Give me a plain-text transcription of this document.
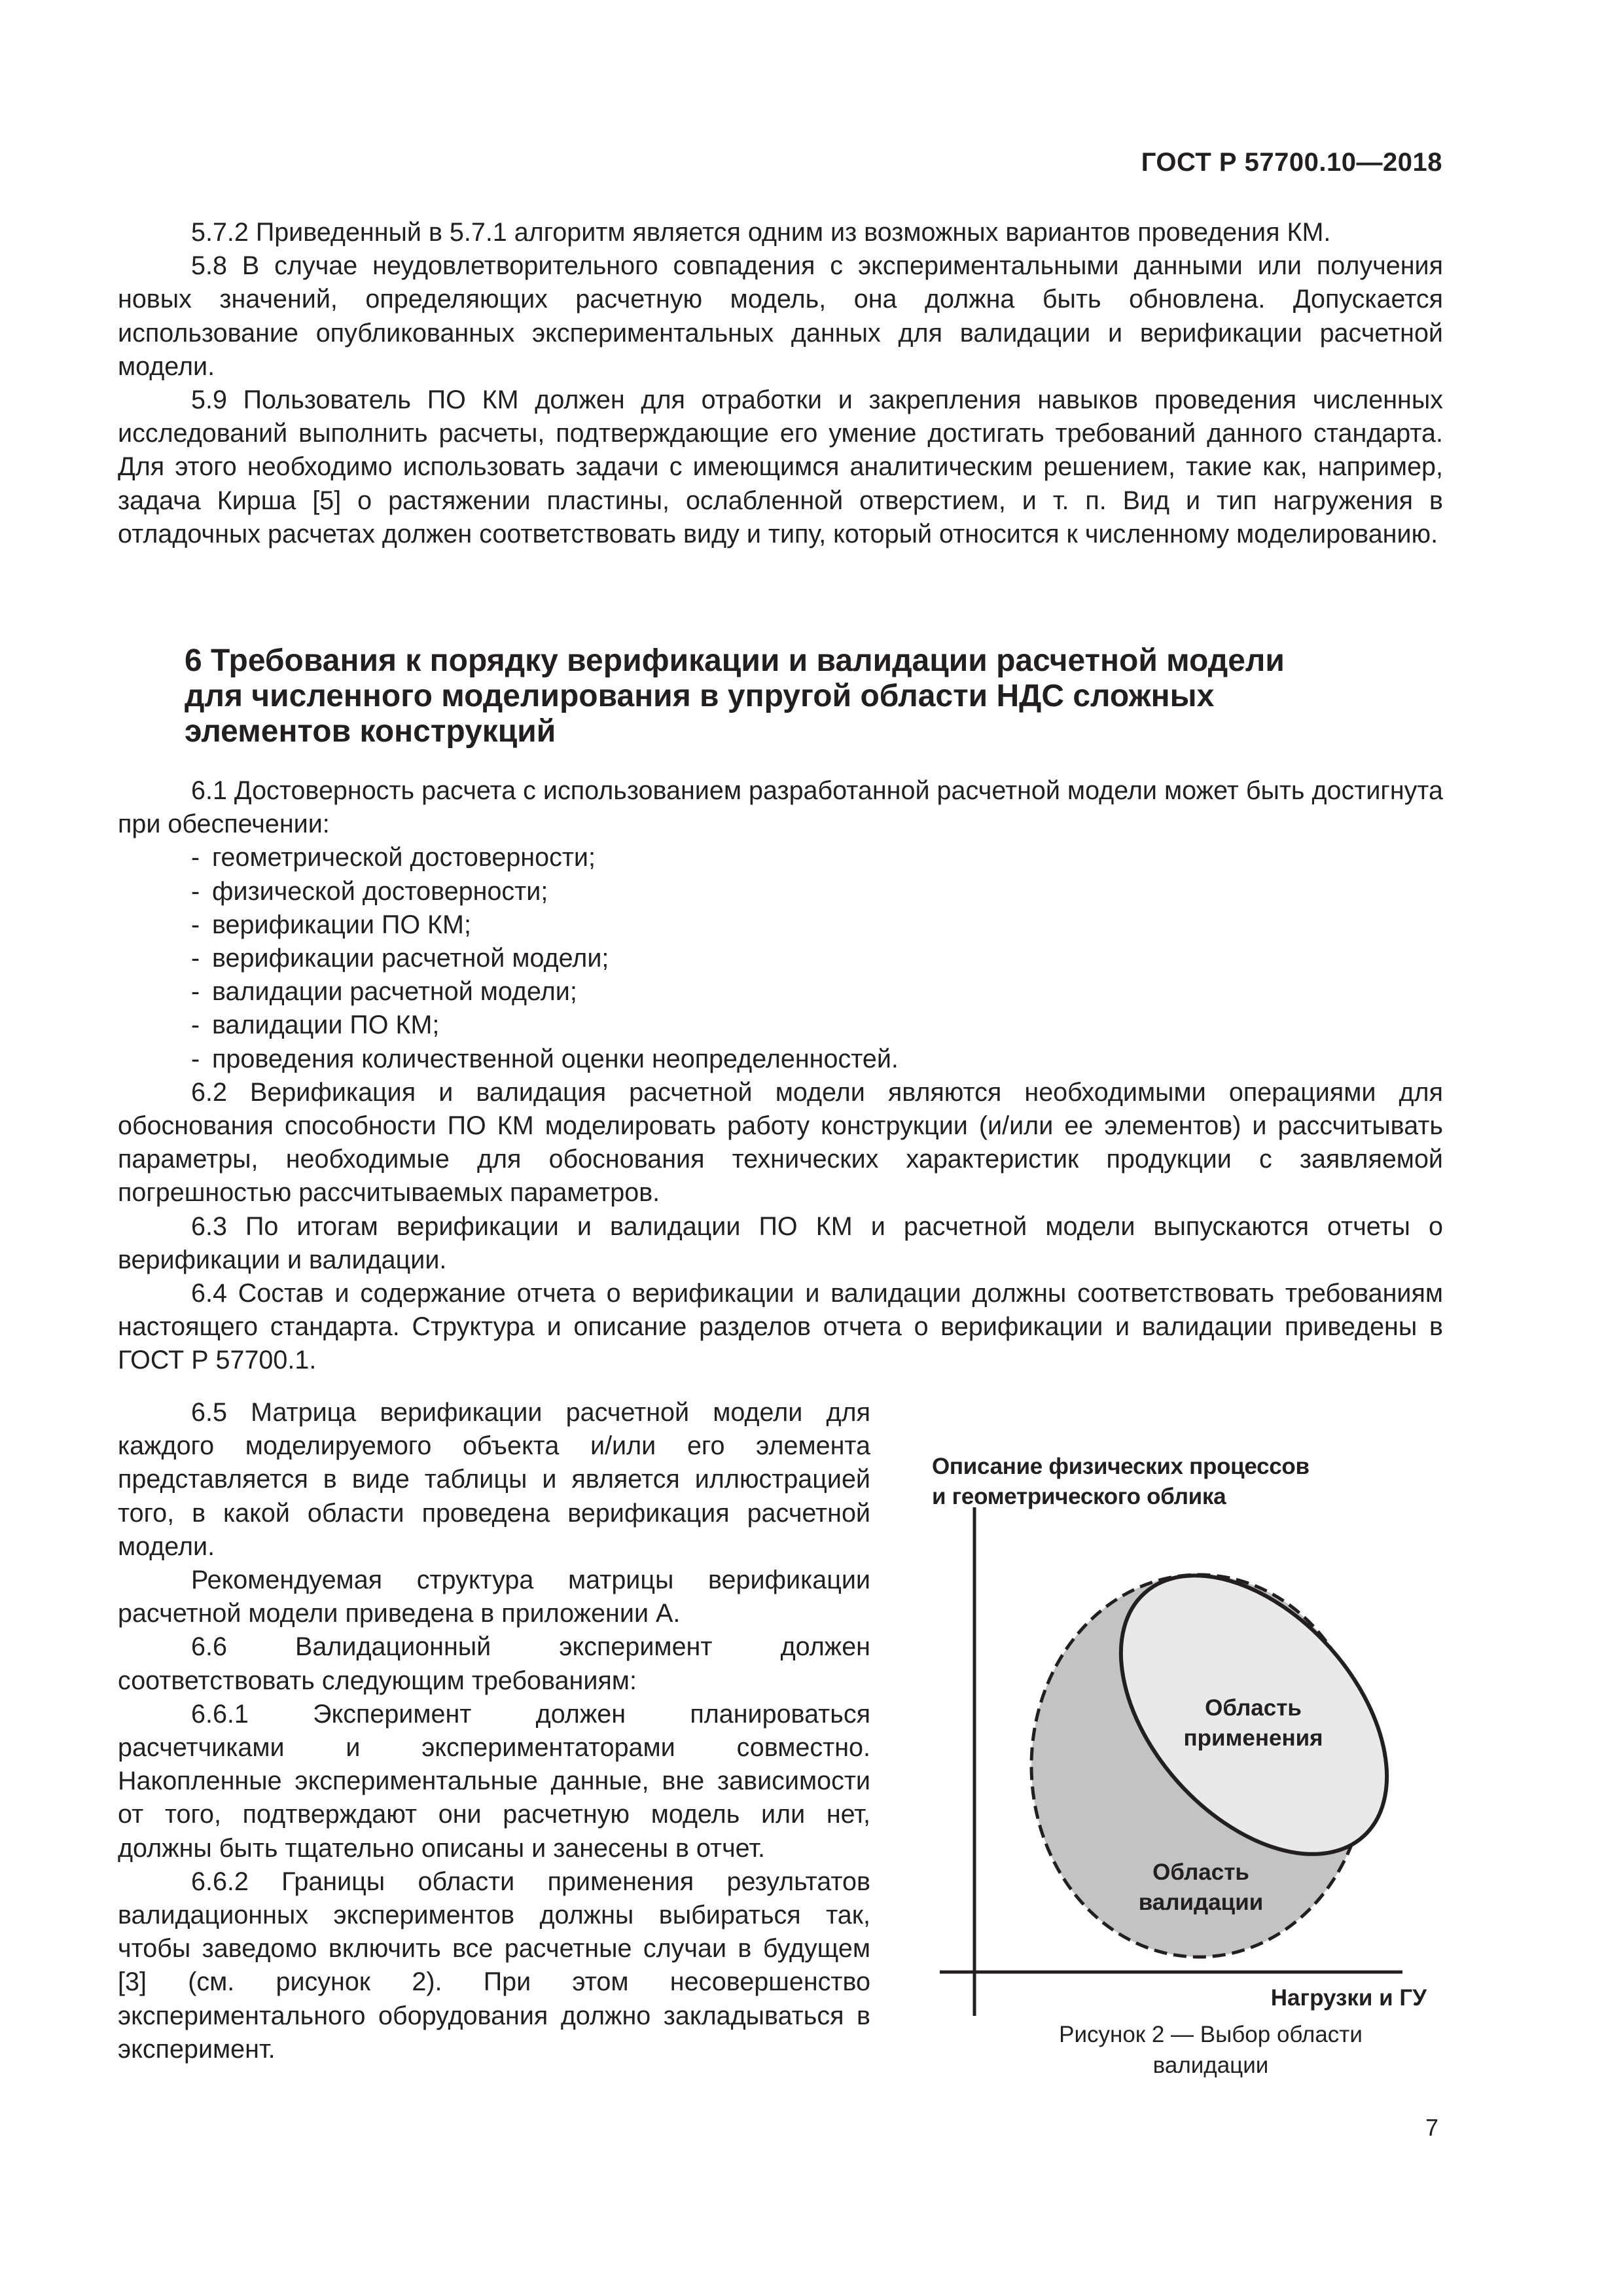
ГОСТ Р 57700.10—2018

5.7.2 Приведенный в 5.7.1 алгоритм является одним из возможных вариантов проведения КМ.

5.8 В случае неудовлетворительного совпадения с экспериментальными данными или получения новых значений, определяющих расчетную модель, она должна быть обновлена. Допускается использование опубликованных экспериментальных данных для валидации и верификации расчетной модели.

5.9 Пользователь ПО КМ должен для отработки и закрепления навыков проведения численных исследований выполнить расчеты, подтверждающие его умение достигать требований данного стандарта. Для этого необходимо использовать задачи с имеющимся аналитическим решением, такие как, например, задача Кирша [5] о растяжении пластины, ослабленной отверстием, и т. п. Вид и тип нагружения в отладочных расчетах должен соответствовать виду и типу, который относится к численному моделированию.

6 Требования к порядку верификации и валидации расчетной модели
для численного моделирования в упругой области НДС сложных
элементов конструкций

6.1 Достоверность расчета с использованием разработанной расчетной модели может быть достигнута при обеспечении:

- геометрической достоверности;

- физической достоверности;

- верификации ПО КМ;

- верификации расчетной модели;

- валидации расчетной модели;

- валидации ПО КМ;

- проведения количественной оценки неопределенностей.

6.2 Верификация и валидация расчетной модели являются необходимыми операциями для обоснования способности ПО КМ моделировать работу конструкции (и/или ее элементов) и рассчитывать параметры, необходимые для обоснования технических характеристик продукции с заявляемой погрешностью рассчитываемых параметров.

6.3 По итогам верификации и валидации ПО КМ и расчетной модели выпускаются отчеты о верификации и валидации.

6.4 Состав и содержание отчета о верификации и валидации должны соответствовать требованиям настоящего стандарта. Структура и описание разделов отчета о верификации и валидации приведены в ГОСТ Р 57700.1.

6.5 Матрица верификации расчетной модели для каждого моделируемого объекта и/или его элемента представляется в виде таблицы и является иллюстрацией того, в какой области проведена верификация расчетной модели.

Рекомендуемая структура матрицы верификации расчетной модели приведена в приложении А.

6.6 Валидационный эксперимент должен соответствовать следующим требованиям:

6.6.1 Эксперимент должен планироваться расчетчиками и экспериментаторами совместно. Накопленные экспериментальные данные, вне зависимости от того, подтверждают они расчетную модель или нет, должны быть тщательно описаны и занесены в отчет.

6.6.2 Границы области применения результатов валидационных экспериментов должны выбираться так, чтобы заведомо включить все расчетные случаи в будущем [3] (см. рисунок 2). При этом несовершенство экспериментального оборудования должно закладываться в эксперимент.

Описание физических процессов
и геометрического облика
Область
применения
Область
валидации
Нагрузки и ГУ
Рисунок 2 — Выбор области
валидации
7
